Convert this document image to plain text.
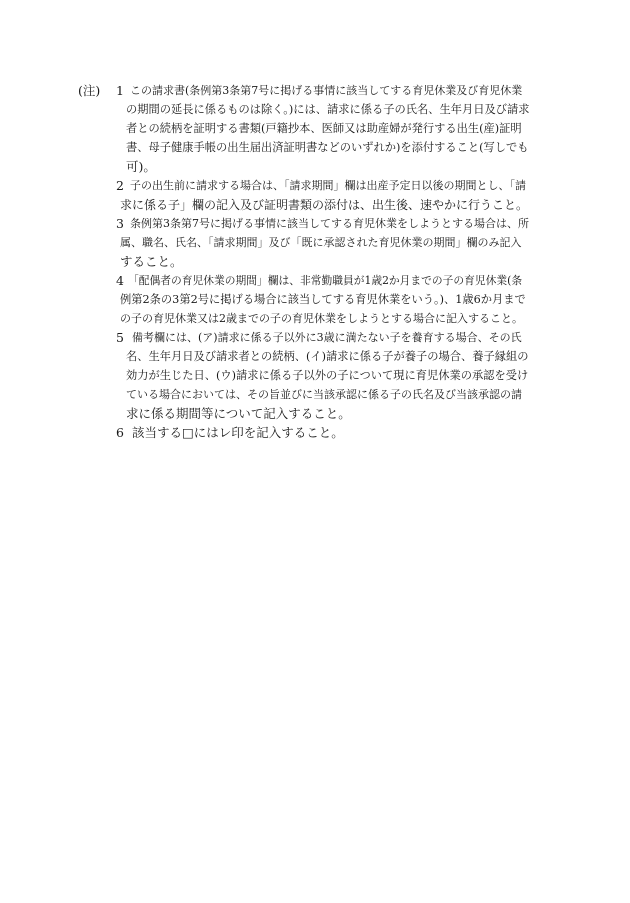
(注) 1 この請求書(条例第3条第7号に掲げる事情に該当してする育児休業及び育児休業
の期間の延長に係るものは除く。)には、請求に係る子の氏名、生年月日及び請求
者との続柄を証明する書類(戸籍抄本、医師又は助産婦が発行する出生(産)証明
書、母子健康手帳の出生届出済証明書などのいずれか)を添付すること(写しでも
可)。
2 子の出生前に請求する場合は、「請求期間」欄は出産予定日以後の期間とし、「請
求に係る子」欄の記入及び証明書類の添付は、出生後、速やかに行うこと。
3 条例第3条第7号に掲げる事情に該当してする育児休業をしようとする場合は、所
属、職名、氏名、「請求期間」及び「既に承認された育児休業の期間」欄のみ記入
すること。
4 「配偶者の育児休業の期間」欄は、非常勤職員が1歳2か月までの子の育児休業(条
例第2条の3第2号に掲げる場合に該当してする育児休業をいう。)、1歳6か月まで
の子の育児休業又は2歳までの子の育児休業をしようとする場合に記入すること。
5 備考欄には、(ア)請求に係る子以外に3歳に満たない子を養育する場合、その氏
名、生年月日及び請求者との続柄、(イ)請求に係る子が養子の場合、養子縁組の
効力が生じた日、(ウ)請求に係る子以外の子について現に育児休業の承認を受け
ている場合においては、その旨並びに当該承認に係る子の氏名及び当該承認の請
求に係る期間等について記入すること。
6 該当する□にはレ印を記入すること。
